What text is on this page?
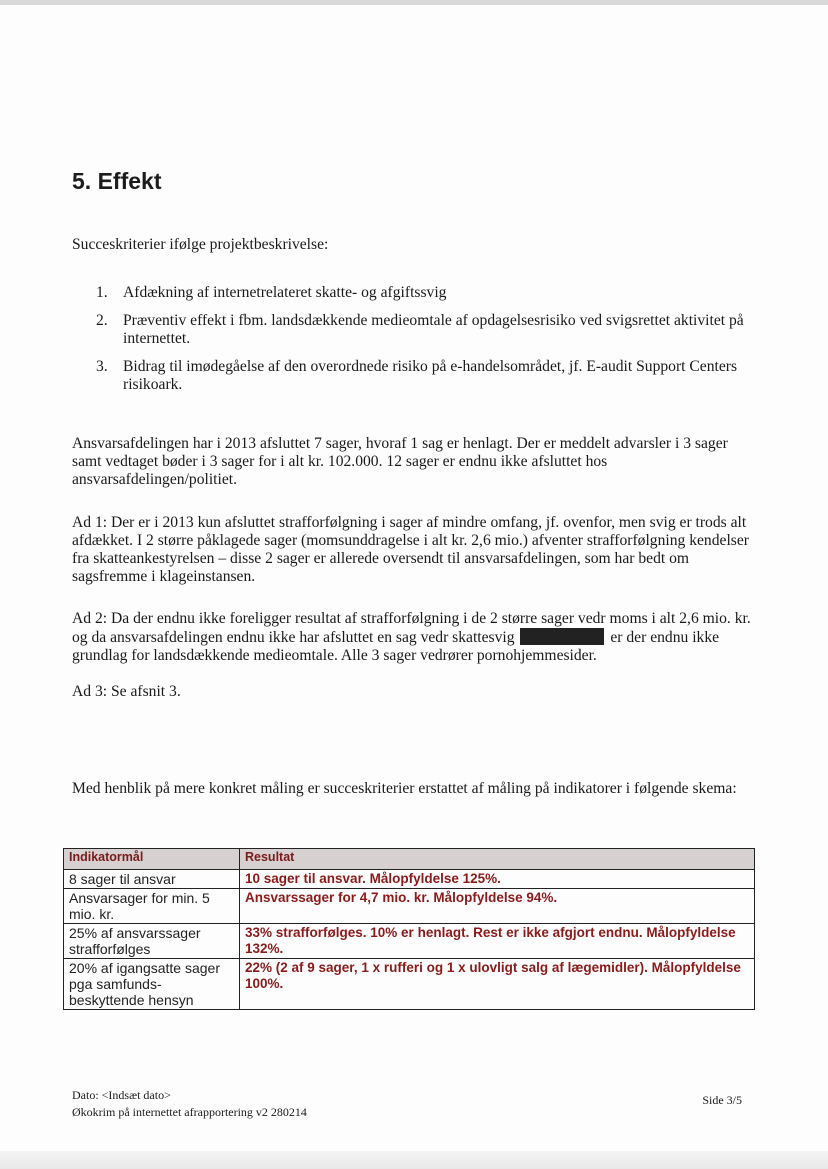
5. Effekt

Succeskriterier ifølge projektbeskrivelse:

1. Afdækning af internetrelateret skatte- og afgiftssvig
2. Præventiv effekt i fbm. landsdækkende medieomtale af opdagelsesrisiko ved svigsrettet aktivitet på internettet.
3. Bidrag til imødegåelse af den overordnede risiko på e-handelsområdet, jf. E-audit Support Centers risikoark.

Ansvarsafdelingen har i 2013 afsluttet 7 sager, hvoraf 1 sag er henlagt. Der er meddelt advarsler i 3 sager samt vedtaget bøder i 3 sager for i alt kr. 102.000. 12 sager er endnu ikke afsluttet hos ansvarsafdelingen/politiet.

Ad 1: Der er i 2013 kun afsluttet strafforfølgning i sager af mindre omfang, jf. ovenfor, men svig er trods alt afdækket. I 2 større påklagede sager (momsunddragelse i alt kr. 2,6 mio.) afventer strafforfølgning kendelser fra skatteankestyrelsen – disse 2 sager er allerede oversendt til ansvarsafdelingen, som har bedt om sagsfremme i klageinstansen.

Ad 2: Da der endnu ikke foreligger resultat af strafforfølgning i de 2 større sager vedr moms i alt 2,6 mio. kr. og da ansvarsafdelingen endnu ikke har afsluttet en sag vedr skattesvig	er der endnu ikke grundlag for landsdækkende medieomtale. Alle 3 sager vedrører pornohjemmesider.

Ad 3: Se afsnit 3.

Med henblik på mere konkret måling er succeskriterier erstattet af måling på indikatorer i følgende skema:

Indikatormål	Resultat
8 sager til ansvar	10 sager til ansvar. Målopfyldelse 125%.
Ansvarsager for min. 5 mio. kr.	Ansvarssager for 4,7 mio. kr. Målopfyldelse 94%.
25% af ansvarssager strafforfølges	33% strafforfølges. 10% er henlagt. Rest er ikke afgjort endnu. Målopfyldelse 132%.
20% af igangsatte sager pga samfunds-beskyttende hensyn	22% (2 af 9 sager, 1 x rufferi og 1 x ulovligt salg af lægemidler). Målopfyldelse 100%.
Dato: <Indsæt dato>
Økokrim på internettet afrapportering v2 280214
Side 3/5
